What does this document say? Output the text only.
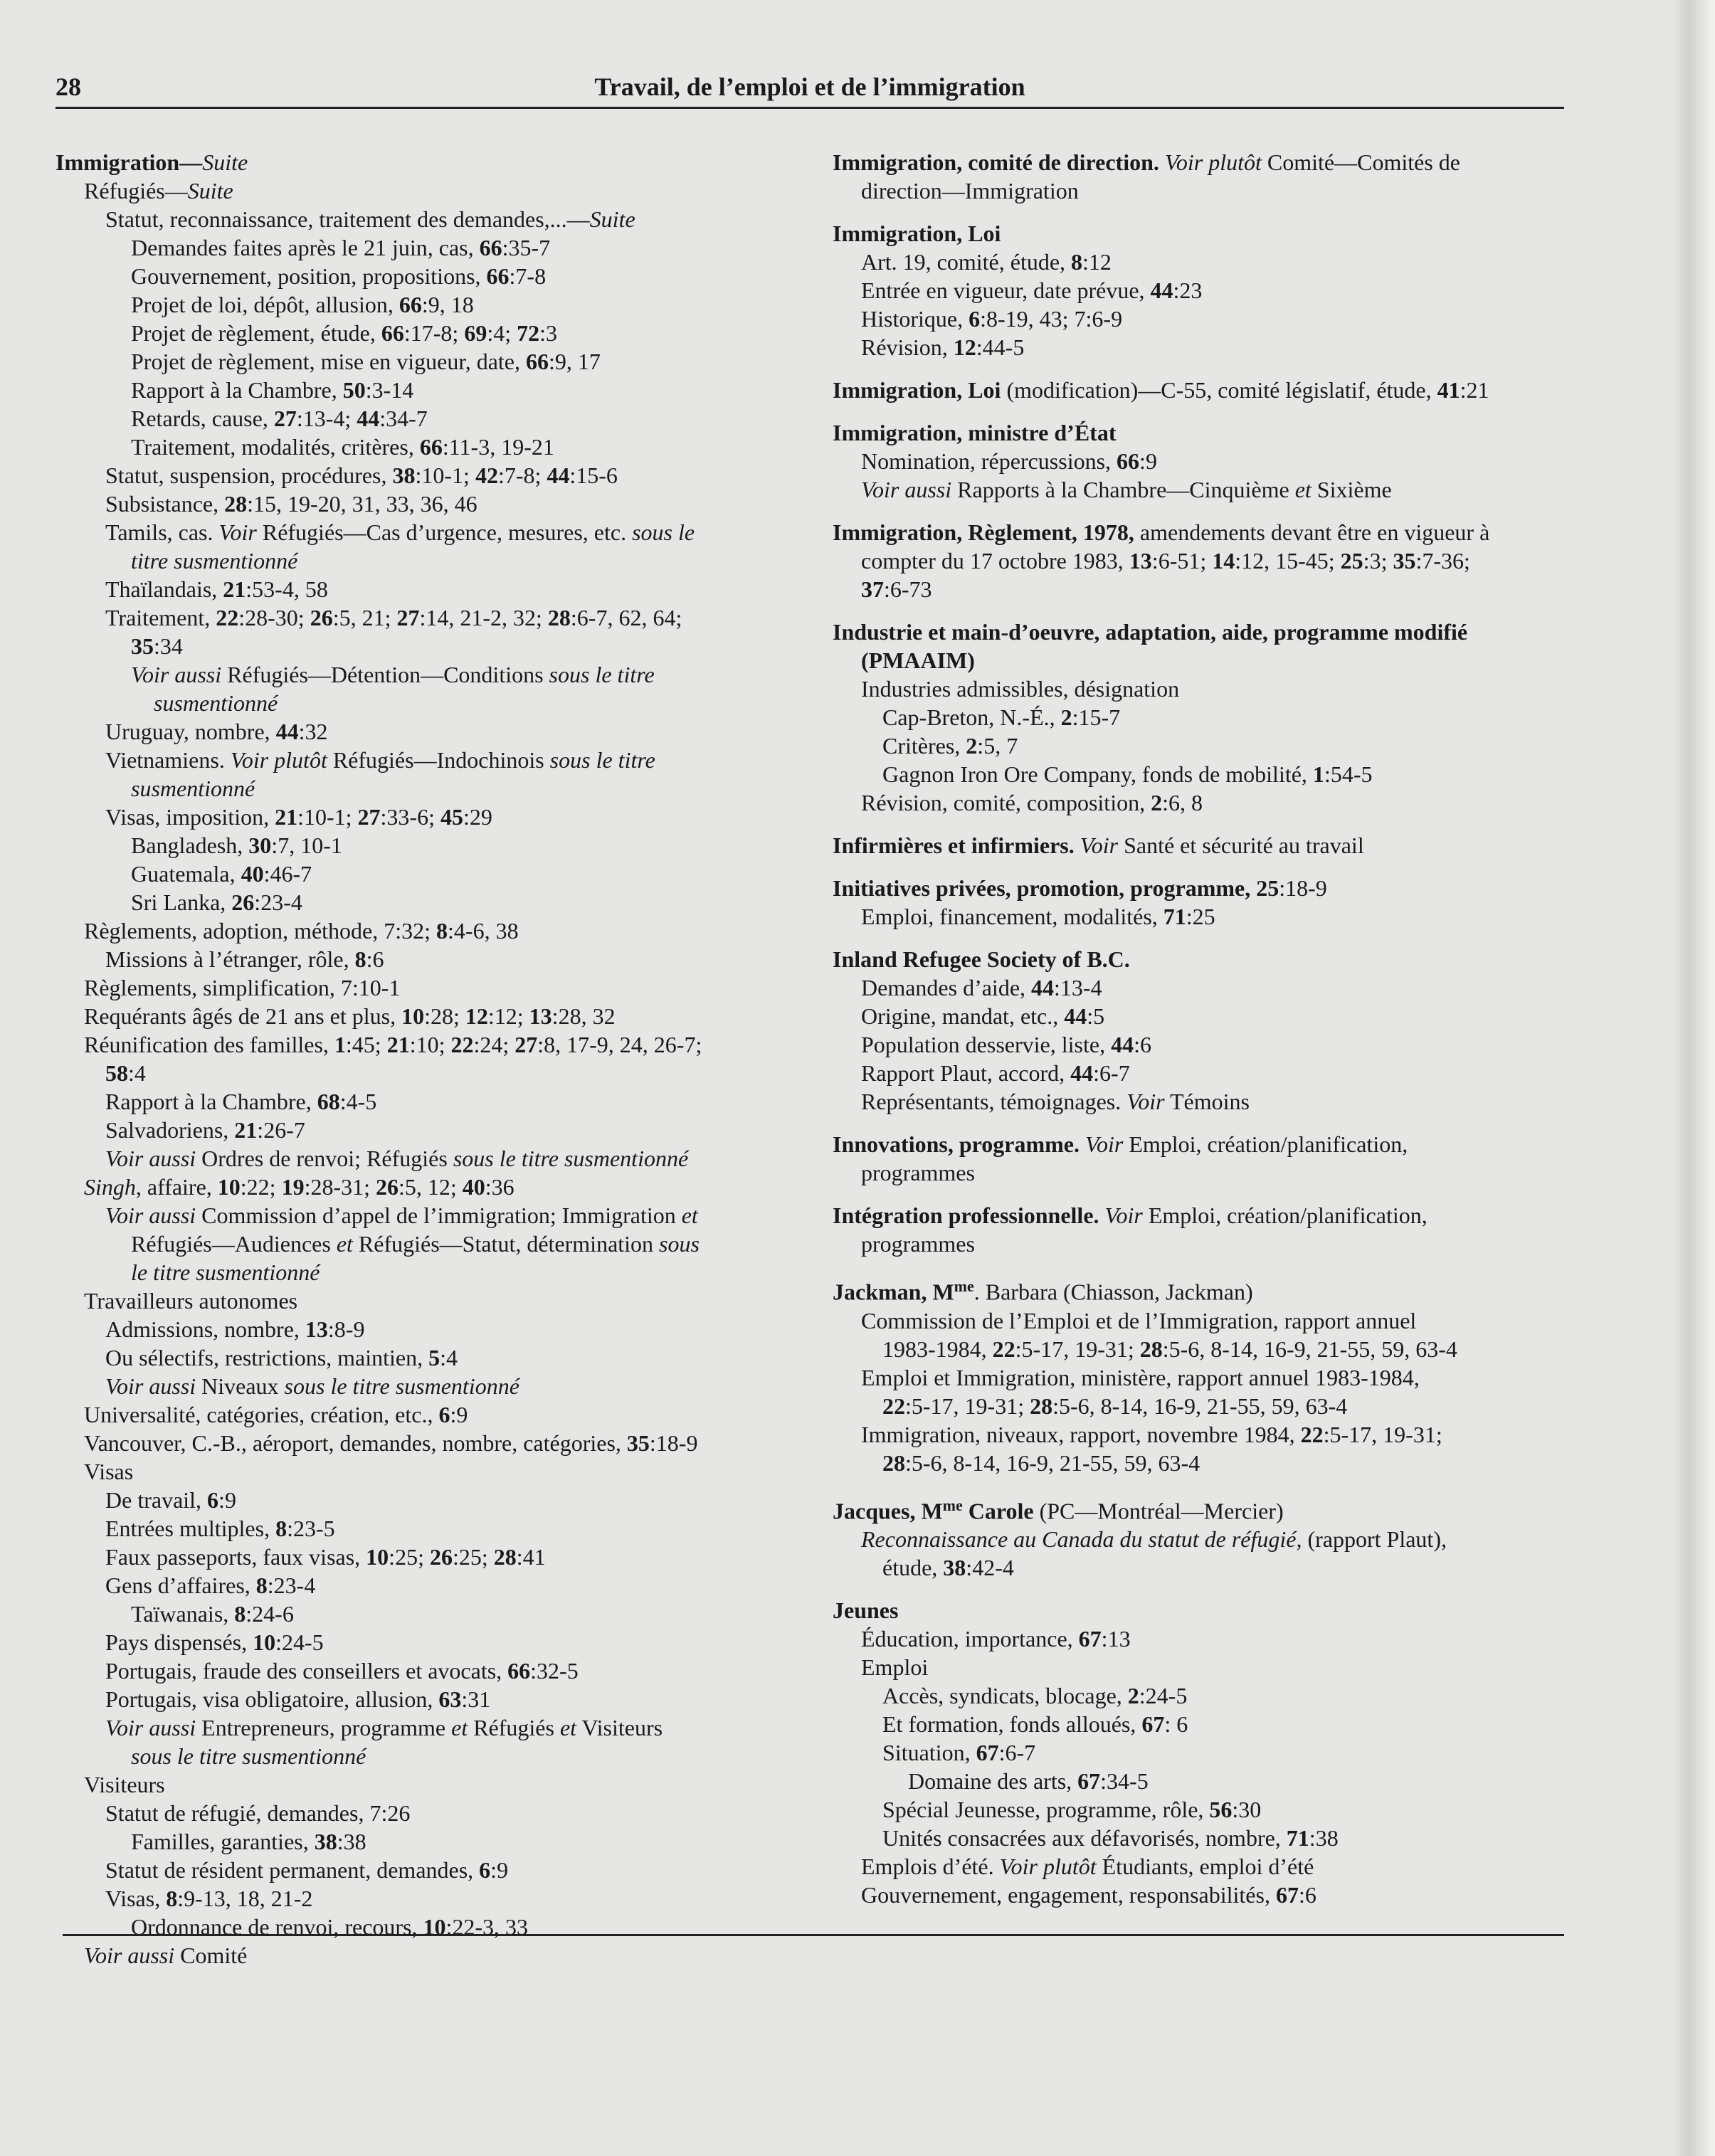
28	Travail, de l’emploi et de l’immigration
Immigration—Suite
Réfugiés—Suite
Statut, reconnaissance, traitement des demandes,...—Suite
Demandes faites après le 21 juin, cas, 66:35-7
Gouvernement, position, propositions, 66:7-8
Projet de loi, dépôt, allusion, 66:9, 18
Projet de règlement, étude, 66:17-8; 69:4; 72:3
Projet de règlement, mise en vigueur, date, 66:9, 17
Rapport à la Chambre, 50:3-14
Retards, cause, 27:13-4; 44:34-7
Traitement, modalités, critères, 66:11-3, 19-21
Statut, suspension, procédures, 38:10-1; 42:7-8; 44:15-6
Subsistance, 28:15, 19-20, 31, 33, 36, 46
Tamils, cas. Voir Réfugiés—Cas d’urgence, mesures, etc. sous le
titre susmentionné
Thaïlandais, 21:53-4, 58
Traitement, 22:28-30; 26:5, 21; 27:14, 21-2, 32; 28:6-7, 62, 64;
35:34
Voir aussi Réfugiés—Détention—Conditions sous le titre
susmentionné
Uruguay, nombre, 44:32
Vietnamiens. Voir plutôt Réfugiés—Indochinois sous le titre
susmentionné
Visas, imposition, 21:10-1; 27:33-6; 45:29
Bangladesh, 30:7, 10-1
Guatemala, 40:46-7
Sri Lanka, 26:23-4
Règlements, adoption, méthode, 7:32; 8:4-6, 38
Missions à l’étranger, rôle, 8:6
Règlements, simplification, 7:10-1
Requérants âgés de 21 ans et plus, 10:28; 12:12; 13:28, 32
Réunification des familles, 1:45; 21:10; 22:24; 27:8, 17-9, 24, 26-7;
58:4
Rapport à la Chambre, 68:4-5
Salvadoriens, 21:26-7
Voir aussi Ordres de renvoi; Réfugiés sous le titre susmentionné
Singh, affaire, 10:22; 19:28-31; 26:5, 12; 40:36
Voir aussi Commission d’appel de l’immigration; Immigration et
Réfugiés—Audiences et Réfugiés—Statut, détermination sous
le titre susmentionné
Travailleurs autonomes
Admissions, nombre, 13:8-9
Ou sélectifs, restrictions, maintien, 5:4
Voir aussi Niveaux sous le titre susmentionné
Universalité, catégories, création, etc., 6:9
Vancouver, C.-B., aéroport, demandes, nombre, catégories, 35:18-9
Visas
De travail, 6:9
Entrées multiples, 8:23-5
Faux passeports, faux visas, 10:25; 26:25; 28:41
Gens d’affaires, 8:23-4
Taïwanais, 8:24-6
Pays dispensés, 10:24-5
Portugais, fraude des conseillers et avocats, 66:32-5
Portugais, visa obligatoire, allusion, 63:31
Voir aussi Entrepreneurs, programme et Réfugiés et Visiteurs
sous le titre susmentionné
Visiteurs
Statut de réfugié, demandes, 7:26
Familles, garanties, 38:38
Statut de résident permanent, demandes, 6:9
Visas, 8:9-13, 18, 21-2
Ordonnance de renvoi, recours, 10:22-3, 33
Voir aussi Comité
Immigration, comité de direction. Voir plutôt Comité—Comités de
direction—Immigration
Immigration, Loi
Art. 19, comité, étude, 8:12
Entrée en vigueur, date prévue, 44:23
Historique, 6:8-19, 43; 7:6-9
Révision, 12:44-5
Immigration, Loi (modification)—C-55, comité législatif, étude, 41:21
Immigration, ministre d’État
Nomination, répercussions, 66:9
Voir aussi Rapports à la Chambre—Cinquième et Sixième
Immigration, Règlement, 1978, amendements devant être en vigueur à
compter du 17 octobre 1983, 13:6-51; 14:12, 15-45; 25:3; 35:7-36;
37:6-73
Industrie et main-d’oeuvre, adaptation, aide, programme modifié
(PMAAIM)
Industries admissibles, désignation
Cap-Breton, N.-É., 2:15-7
Critères, 2:5, 7
Gagnon Iron Ore Company, fonds de mobilité, 1:54-5
Révision, comité, composition, 2:6, 8
Infirmières et infirmiers. Voir Santé et sécurité au travail
Initiatives privées, promotion, programme, 25:18-9
Emploi, financement, modalités, 71:25
Inland Refugee Society of B.C.
Demandes d’aide, 44:13-4
Origine, mandat, etc., 44:5
Population desservie, liste, 44:6
Rapport Plaut, accord, 44:6-7
Représentants, témoignages. Voir Témoins
Innovations, programme. Voir Emploi, création/planification,
programmes
Intégration professionnelle. Voir Emploi, création/planification,
programmes
Jackman, $M^{me}$. Barbara (Chiasson, Jackman)
Commission de l’Emploi et de l’Immigration, rapport annuel
1983-1984, 22:5-17, 19-31; 28:5-6, 8-14, 16-9, 21-55, 59, 63-4
Emploi et Immigration, ministère, rapport annuel 1983-1984,
22:5-17, 19-31; 28:5-6, 8-14, 16-9, 21-55, 59, 63-4
Immigration, niveaux, rapport, novembre 1984, 22:5-17, 19-31;
28:5-6, 8-14, 16-9, 21-55, 59, 63-4
Jacques, $M^{me}$ Carole (PC—Montréal—Mercier)
Reconnaissance au Canada du statut de réfugié, (rapport Plaut),
étude, 38:42-4
Jeunes
Éducation, importance, 67:13
Emploi
Accès, syndicats, blocage, 2:24-5
Et formation, fonds alloués, 67: 6
Situation, 67:6-7
Domaine des arts, 67:34-5
Spécial Jeunesse, programme, rôle, 56:30
Unités consacrées aux défavorisés, nombre, 71:38
Emplois d’été. Voir plutôt Étudiants, emploi d’été
Gouvernement, engagement, responsabilités, 67:6
